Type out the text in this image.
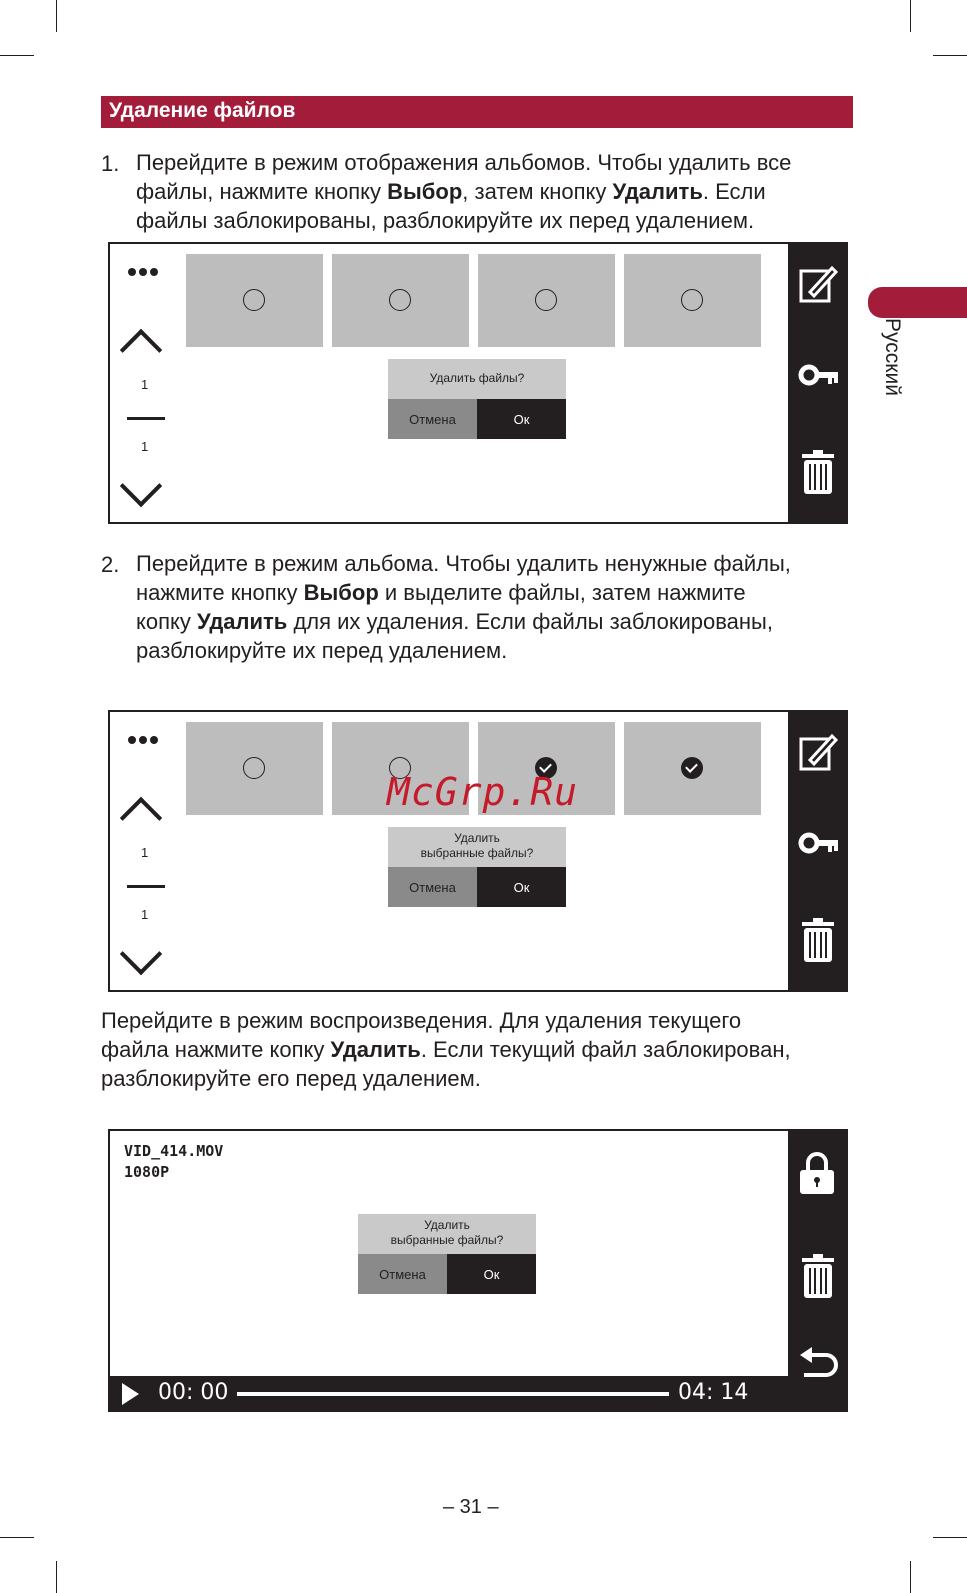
Удаление файлов
Русский
1. Перейдите в режим отображения альбомов. Чтобы удалить все
файлы, нажмите кнопку Выбор, затем кнопку Удалить. Если
файлы заблокированы, разблокируйте их перед удалением.
1
1
Удалить файлы?
Отмена	Ок
2. Перейдите в режим альбома. Чтобы удалить ненужные файлы,
нажмите кнопку Выбор и выделите файлы, затем нажмите
копку Удалить для их удаления. Если файлы заблокированы,
разблокируйте их перед удалением.
1
1
Удалить
выбранные файлы?
Отмена	Ок
McGrp.Ru
Перейдите в режим воспроизведения. Для удаления текущего
файла нажмите копку Удалить. Если текущий файл заблокирован,
разблокируйте его перед удалением.
VID_414.MOV
1080P
Удалить
выбранные файлы?
Отмена	Ок
00: 00	04: 14
– 31 –
